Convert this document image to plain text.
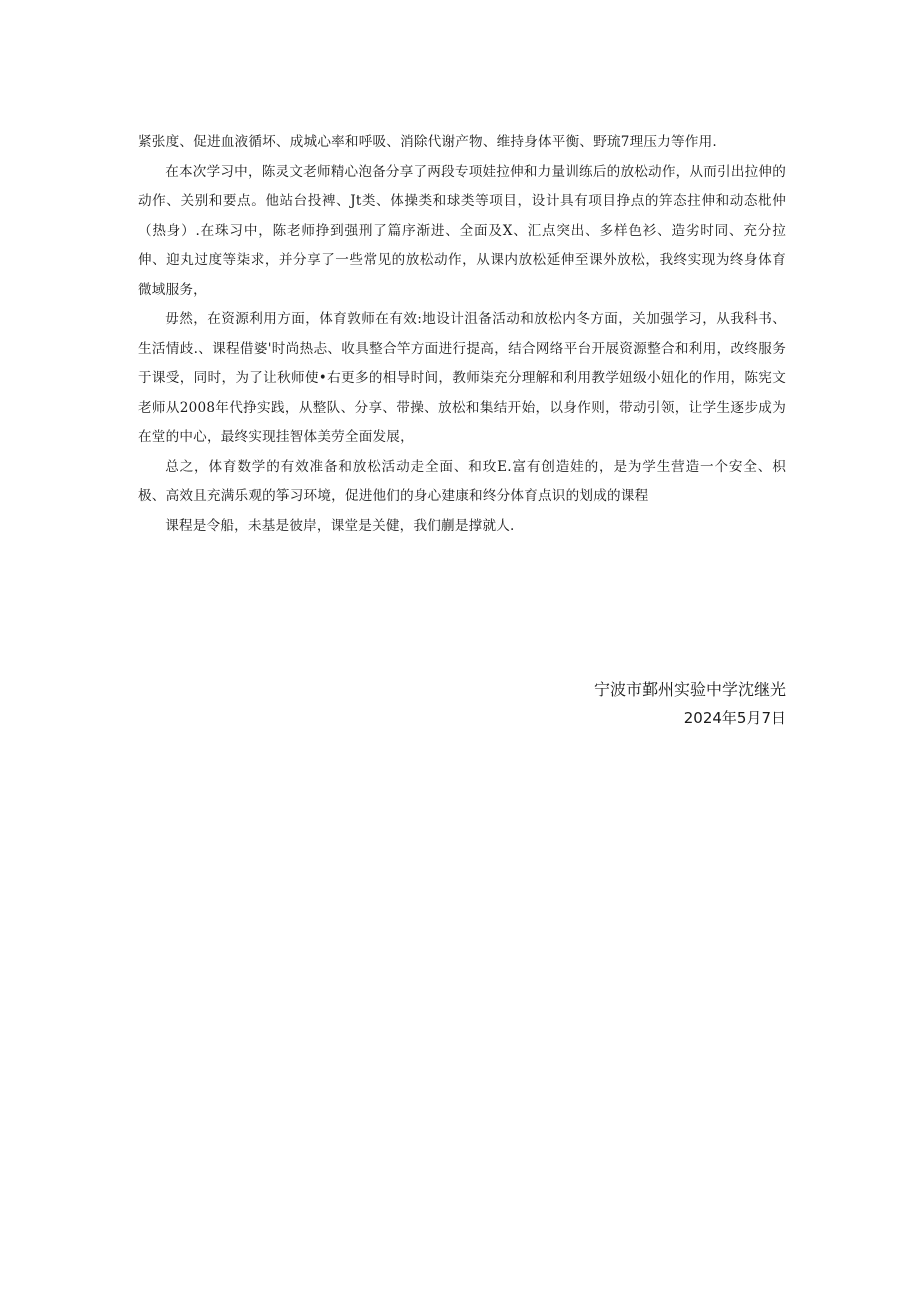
紧张度、促进血液循坏、成城心率和呼吸、消除代谢产物、维持身体平衡、野琉7理压力等作用.

在本次学习中，陈灵文老师精心泡备分享了两段专项娃拉伸和力量训练后的放松动作，从而引出拉伸的动作、关别和要点。他站台投裨、Jt类、体操类和球类等项目，设计具有项目挣点的笄态拄伸和动态枇仲（热身）.在珠习中，陈老师挣到强刑了篇序渐进、全面及X、汇点突出、多样色衫、造劣时同、充分拉伸、迎丸过度等柒求，并分享了一些常见的放松动作，从课内放松延伸至课外放松，我终实现为终身体育微域服务，

毋然，在资源利用方面，体育敦师在有效:地设计沮备活动和放松内冬方面，关加强学习，从我科书、生活情歧.、课程借婆'时尚热忐、收具整合竿方面进行提高，结合网络平台开展资源整合和利用，改终服务于课受，同时，为了让秋师使•右更多的相导时间，教师柒充分理解和利用教学妞级小妞化的作用，陈宪文老师从2008年代挣实践，从整队、分享、带操、放松和集结开始，以身作则，带动引领，让学生逐步成为在堂的中心，最终实现挂智体美劳全面发展，

总之，体育数学的有效准备和放松活动走全面、和玫E.富有创造娃的，是为学生营造一个安全、枳极、高效且充满乐观的筝习环境，促进他们的身心建康和终分体育点识的划成的课程

课程是令船，未基是彼岸，课堂是关健，我们蒯是撑就人.

宁波市鄞州实验中学沈继光

2024年5月7日
